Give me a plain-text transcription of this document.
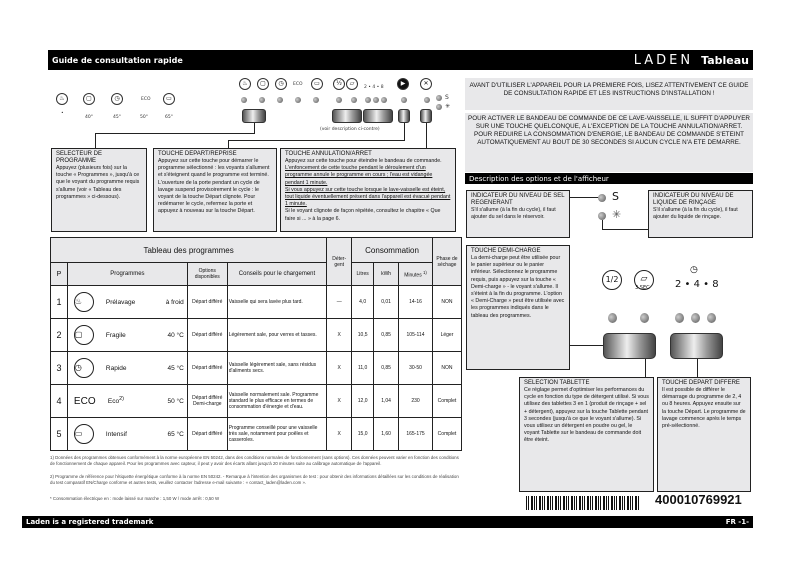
Guide de consultation rapide	LADEN Tableau
♨	▢	◷	ECO	▭
•
40°	45°	50°	65°
♨	▢	◷	ECO	▭	½	▱
2 • 4 • 8
▶	✕
S
✳
(voir description ci-contre)
SELECTEUR DE PROGRAMME
Appuyez (plusieurs fois) sur la touche « Programmes », jusqu'à ce que le voyant du programme requis s'allume (voir « Tableau des programmes » ci-dessous).
TOUCHE DEPART/REPRISE
Appuyez sur cette touche pour démarrer le programme sélectionné : les voyants s'allument et s'éteignent quand le programme est terminé.
L'ouverture de la porte pendant un cycle de lavage suspend provisoirement le cycle : le voyant de la touche Départ clignote. Pour redémarrer le cycle, refermez la porte et appuyez à nouveau sur la touche Départ.
TOUCHE ANNULATION/ARRET
Appuyez sur cette touche pour éteindre le bandeau de commande.
L'enfoncement de cette touche pendant le déroulement d'un programme annule le programme en cours ; l'eau est vidangée pendant 1 minute.
Si vous appuyez sur cette touche lorsque le lave-vaisselle est éteint, tout liquide éventuellement présent dans l'appareil est évacué pendant 1 minute.
Si le voyant clignote de façon répétée, consultez le chapitre « Que faire si ... » à la page 6.
Tableau des programmes				Déter-gent	Consommation			Phase de séchage
P	Programmes	Options disponibles	Conseils pour le chargement		Litres	kWh	Minutes $^{1)}$
1	♨ Prélavage à froid	Départ différé	Vaisselle qui sera lavée plus tard.	—	4,0	0,01	14-16	NON
2	▢ Fragile 40 °C	Départ différé	Légèrement sale, pour verres et tasses.	X	10,5	0,85	105-114	Léger
3	◷ Rapide 45 °C	Départ différé	Vaisselle légèrement sale, sans résidus d'aliments secs.	X	11,0	0,85	30-50	NON
4	ECO Eco$^{2)}$ 50 °C	Départ différé Demi-charge	Vaisselle normalement sale. Programme standard le plus efficace en termes de consommation d'énergie et d'eau.	X	12,0	1,04	230	Complet
5	▭ Intensif 65 °C	Départ différé	Programme conseillé pour une vaisselle très sale, notamment pour poêles et casseroles.	X	15,0	1,60	165-175	Complet
1) Données des programmes obtenues conformément à la norme européenne EN 50242, dans des conditions normales de fonctionnement (sans options). Ces données peuvent varier en fonction des conditions de fonctionnement de chaque appareil. Pour les programmes avec capteur, il peut y avoir des écarts allant jusqu'à 20 minutes suite au calibrage automatique de l'appareil.
2) Programme de référence pour l'étiquette énergétique conforme à la norme EN 50242. - Remarque à l'intention des organismes de test : pour obtenir des informations détaillées sur les conditions de réalisation du test comparatif EN/Charge conforme et autres tests, veuillez contacter l'adresse e-mail suivante : « contact_laden@laden.com ».
* Consommation électrique en : mode laissé sur marche : 1,50 W / mode arrêt : 0,50 W
AVANT D'UTILISER L'APPAREIL POUR LA PREMIERE FOIS, LISEZ ATTENTIVEMENT CE GUIDE DE CONSULTATION RAPIDE ET LES INSTRUCTIONS D'INSTALLATION !
POUR ACTIVER LE BANDEAU DE COMMANDE DE CE LAVE-VAISSELLE, IL SUFFIT D'APPUYER SUR UNE TOUCHE QUELCONQUE, A L'EXCEPTION DE LA TOUCHE ANNULATION/ARRET.
POUR REDUIRE LA CONSOMMATION D'ENERGIE, LE BANDEAU DE COMMANDE S'ETEINT AUTOMATIQUEMENT AU BOUT DE 30 SECONDES SI AUCUN CYCLE N'A ETE DEMARRE.
Description des options et de l'afficheur
INDICATEUR DU NIVEAU DE SEL REGENERANT
S'il s'allume (à la fin du cycle), il faut ajouter du sel dans le réservoir.
S
✳
INDICATEUR DU NIVEAU DE LIQUIDE DE RINÇAGE
S'il s'allume (à la fin du cycle), il faut ajouter du liquide de rinçage.
TOUCHE DEMI-CHARGE
La demi-charge peut être utilisée pour le panier supérieur ou le panier inférieur. Sélectionnez le programme requis, puis appuyez sur la touche « Demi-charge » - le voyant s'allume. Il s'éteint à la fin du programme. L'option « Demi-Charge » peut être utilisée avec les programmes indiqués dans le tableau des programmes.
1/2	▱
3 SEC
◷
2 • 4 • 8
SELECTION TABLETTE
Ce réglage permet d'optimiser les performances du cycle en fonction du type de détergent utilisé. Si vous utilisez des tablettes 3 en 1 (produit de rinçage + sel + détergent), appuyez sur la touche Tablette pendant 3 secondes (jusqu'à ce que le voyant s'allume). Si vous utilisez un détergent en poudre ou gel, le voyant Tablette sur le bandeau de commande doit être éteint.
TOUCHE DEPART DIFFERE
Il est possible de différer le démarrage du programme de 2, 4 ou 8 heures. Appuyez ensuite sur la touche Départ. Le programme de lavage commence après le temps pré-sélectionné.
400010769921
Laden is a registered trademark	FR -1-
